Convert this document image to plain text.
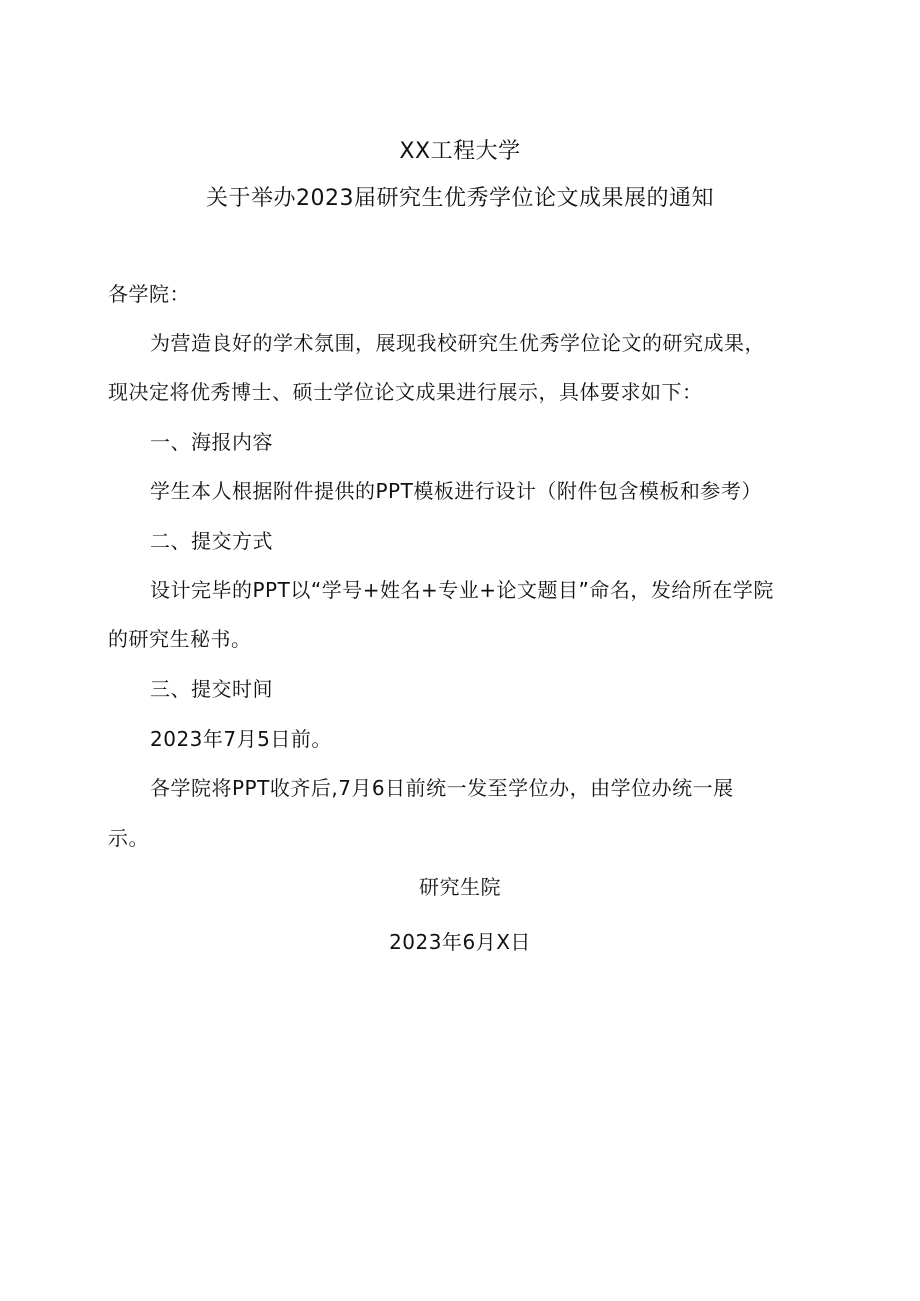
XX工程大学
关于举办2023届研究生优秀学位论文成果展的通知
各学院：
为营造良好的学术氛围，展现我校研究生优秀学位论文的研究成果，
现决定将优秀博士、硕士学位论文成果进行展示，具体要求如下：
一、海报内容
学生本人根据附件提供的PPT模板进行设计（附件包含模板和参考）
二、提交方式
设计完毕的PPT以“学号+姓名+专业+论文题目”命名，发给所在学院
的研究生秘书。
三、提交时间
2023年7月5日前。
各学院将PPT收齐后,7月6日前统一发至学位办，由学位办统一展
示。
研究生院
2023年6月X日
